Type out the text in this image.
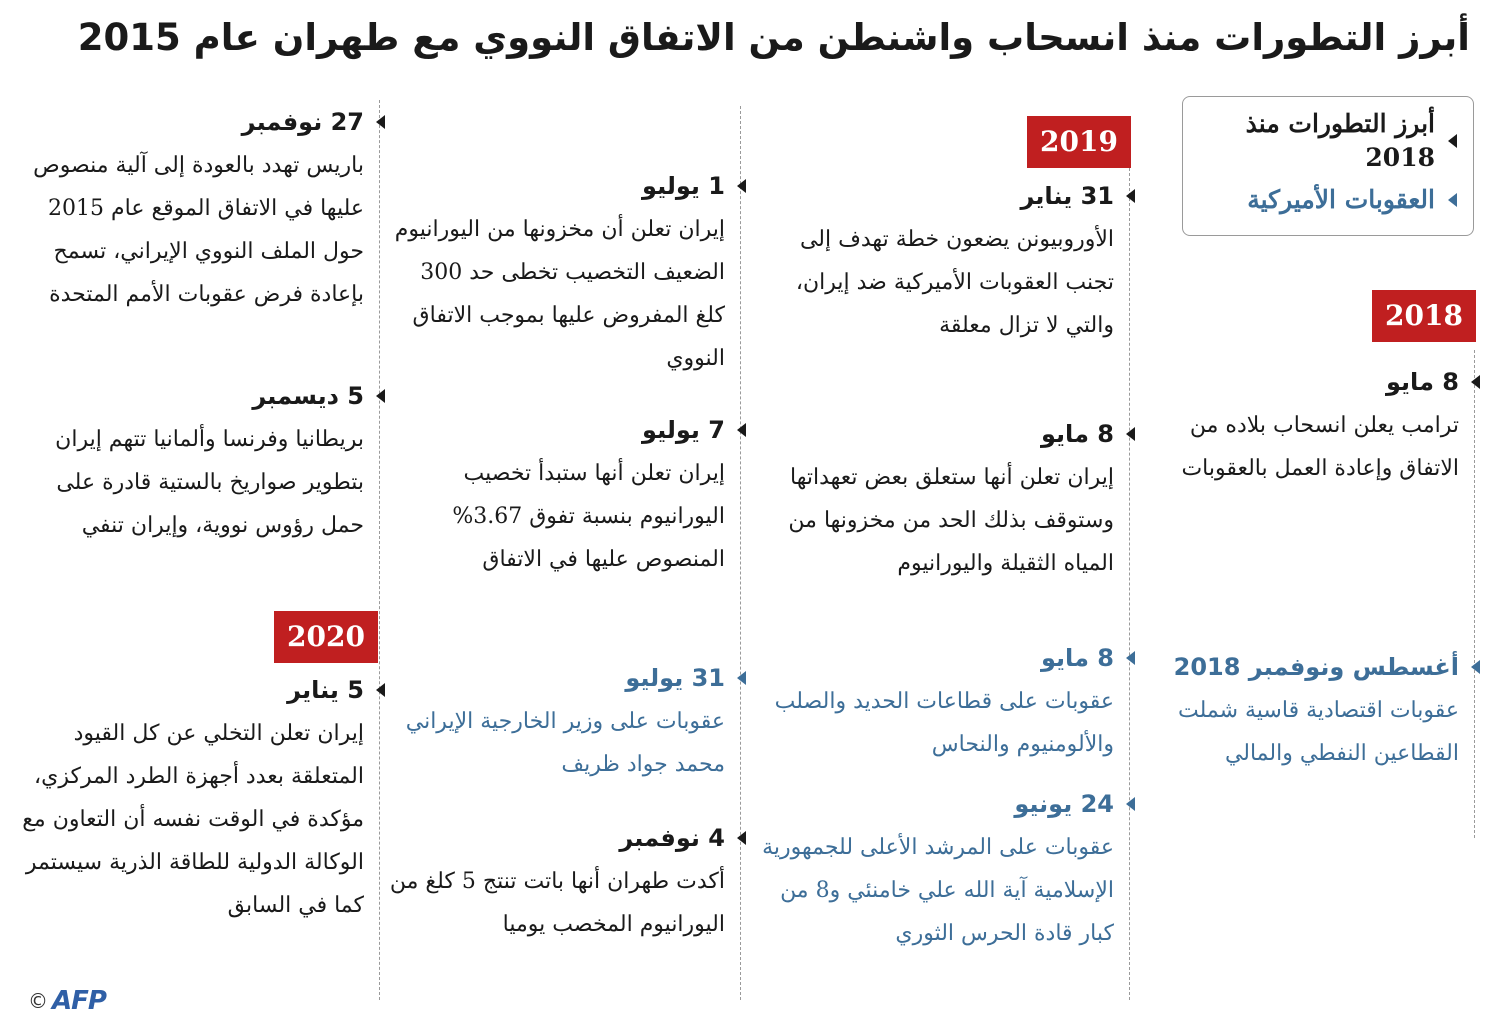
أبرز التطورات منذ انسحاب واشنطن من الاتفاق النووي مع طهران عام 2015
أبرز التطورات منذ 2018
العقوبات الأميركية
2018
2019
2020
8 مايو
ترامب يعلن انسحاب بلاده من الاتفاق وإعادة العمل بالعقوبات
أغسطس ونوفمبر 2018
عقوبات اقتصادية قاسية شملت القطاعين النفطي والمالي
31 يناير
الأوروبيونن يضعون خطة تهدف إلى تجنب العقوبات الأميركية ضد إيران، والتي لا تزال معلقة
8 مايو
إيران تعلن أنها ستعلق بعض تعهداتها وستوقف بذلك الحد من مخزونها من المياه الثقيلة واليورانيوم
8 مايو
عقوبات على قطاعات الحديد والصلب والألومنيوم والنحاس
24 يونيو
عقوبات على المرشد الأعلى للجمهورية الإسلامية آية الله علي خامنئي و8 من كبار قادة الحرس الثوري
1 يوليو
إيران تعلن أن مخزونها من اليورانيوم الضعيف التخصيب تخطى حد 300 كلغ المفروض عليها بموجب الاتفاق النووي
7 يوليو
إيران تعلن أنها ستبدأ تخصيب اليورانيوم بنسبة تفوق 3.67% المنصوص عليها في الاتفاق
31 يوليو
عقوبات على وزير الخارجية الإيراني محمد جواد ظريف
4 نوفمبر
أكدت طهران أنها باتت تنتج 5 كلغ من اليورانيوم المخصب يوميا
27 نوفمبر
باريس تهدد بالعودة إلى آلية منصوص عليها في الاتفاق الموقع عام 2015 حول الملف النووي الإيراني، تسمح بإعادة فرض عقوبات الأمم المتحدة
5 ديسمبر
بريطانيا وفرنسا وألمانيا تتهم إيران بتطوير صواريخ بالستية قادرة على حمل رؤوس نووية، وإيران تنفي
5 يناير
إيران تعلن التخلي عن كل القيود المتعلقة بعدد أجهزة الطرد المركزي، مؤكدة في الوقت نفسه أن التعاون مع الوكالة الدولية للطاقة الذرية سيستمر كما في السابق
© AFP
